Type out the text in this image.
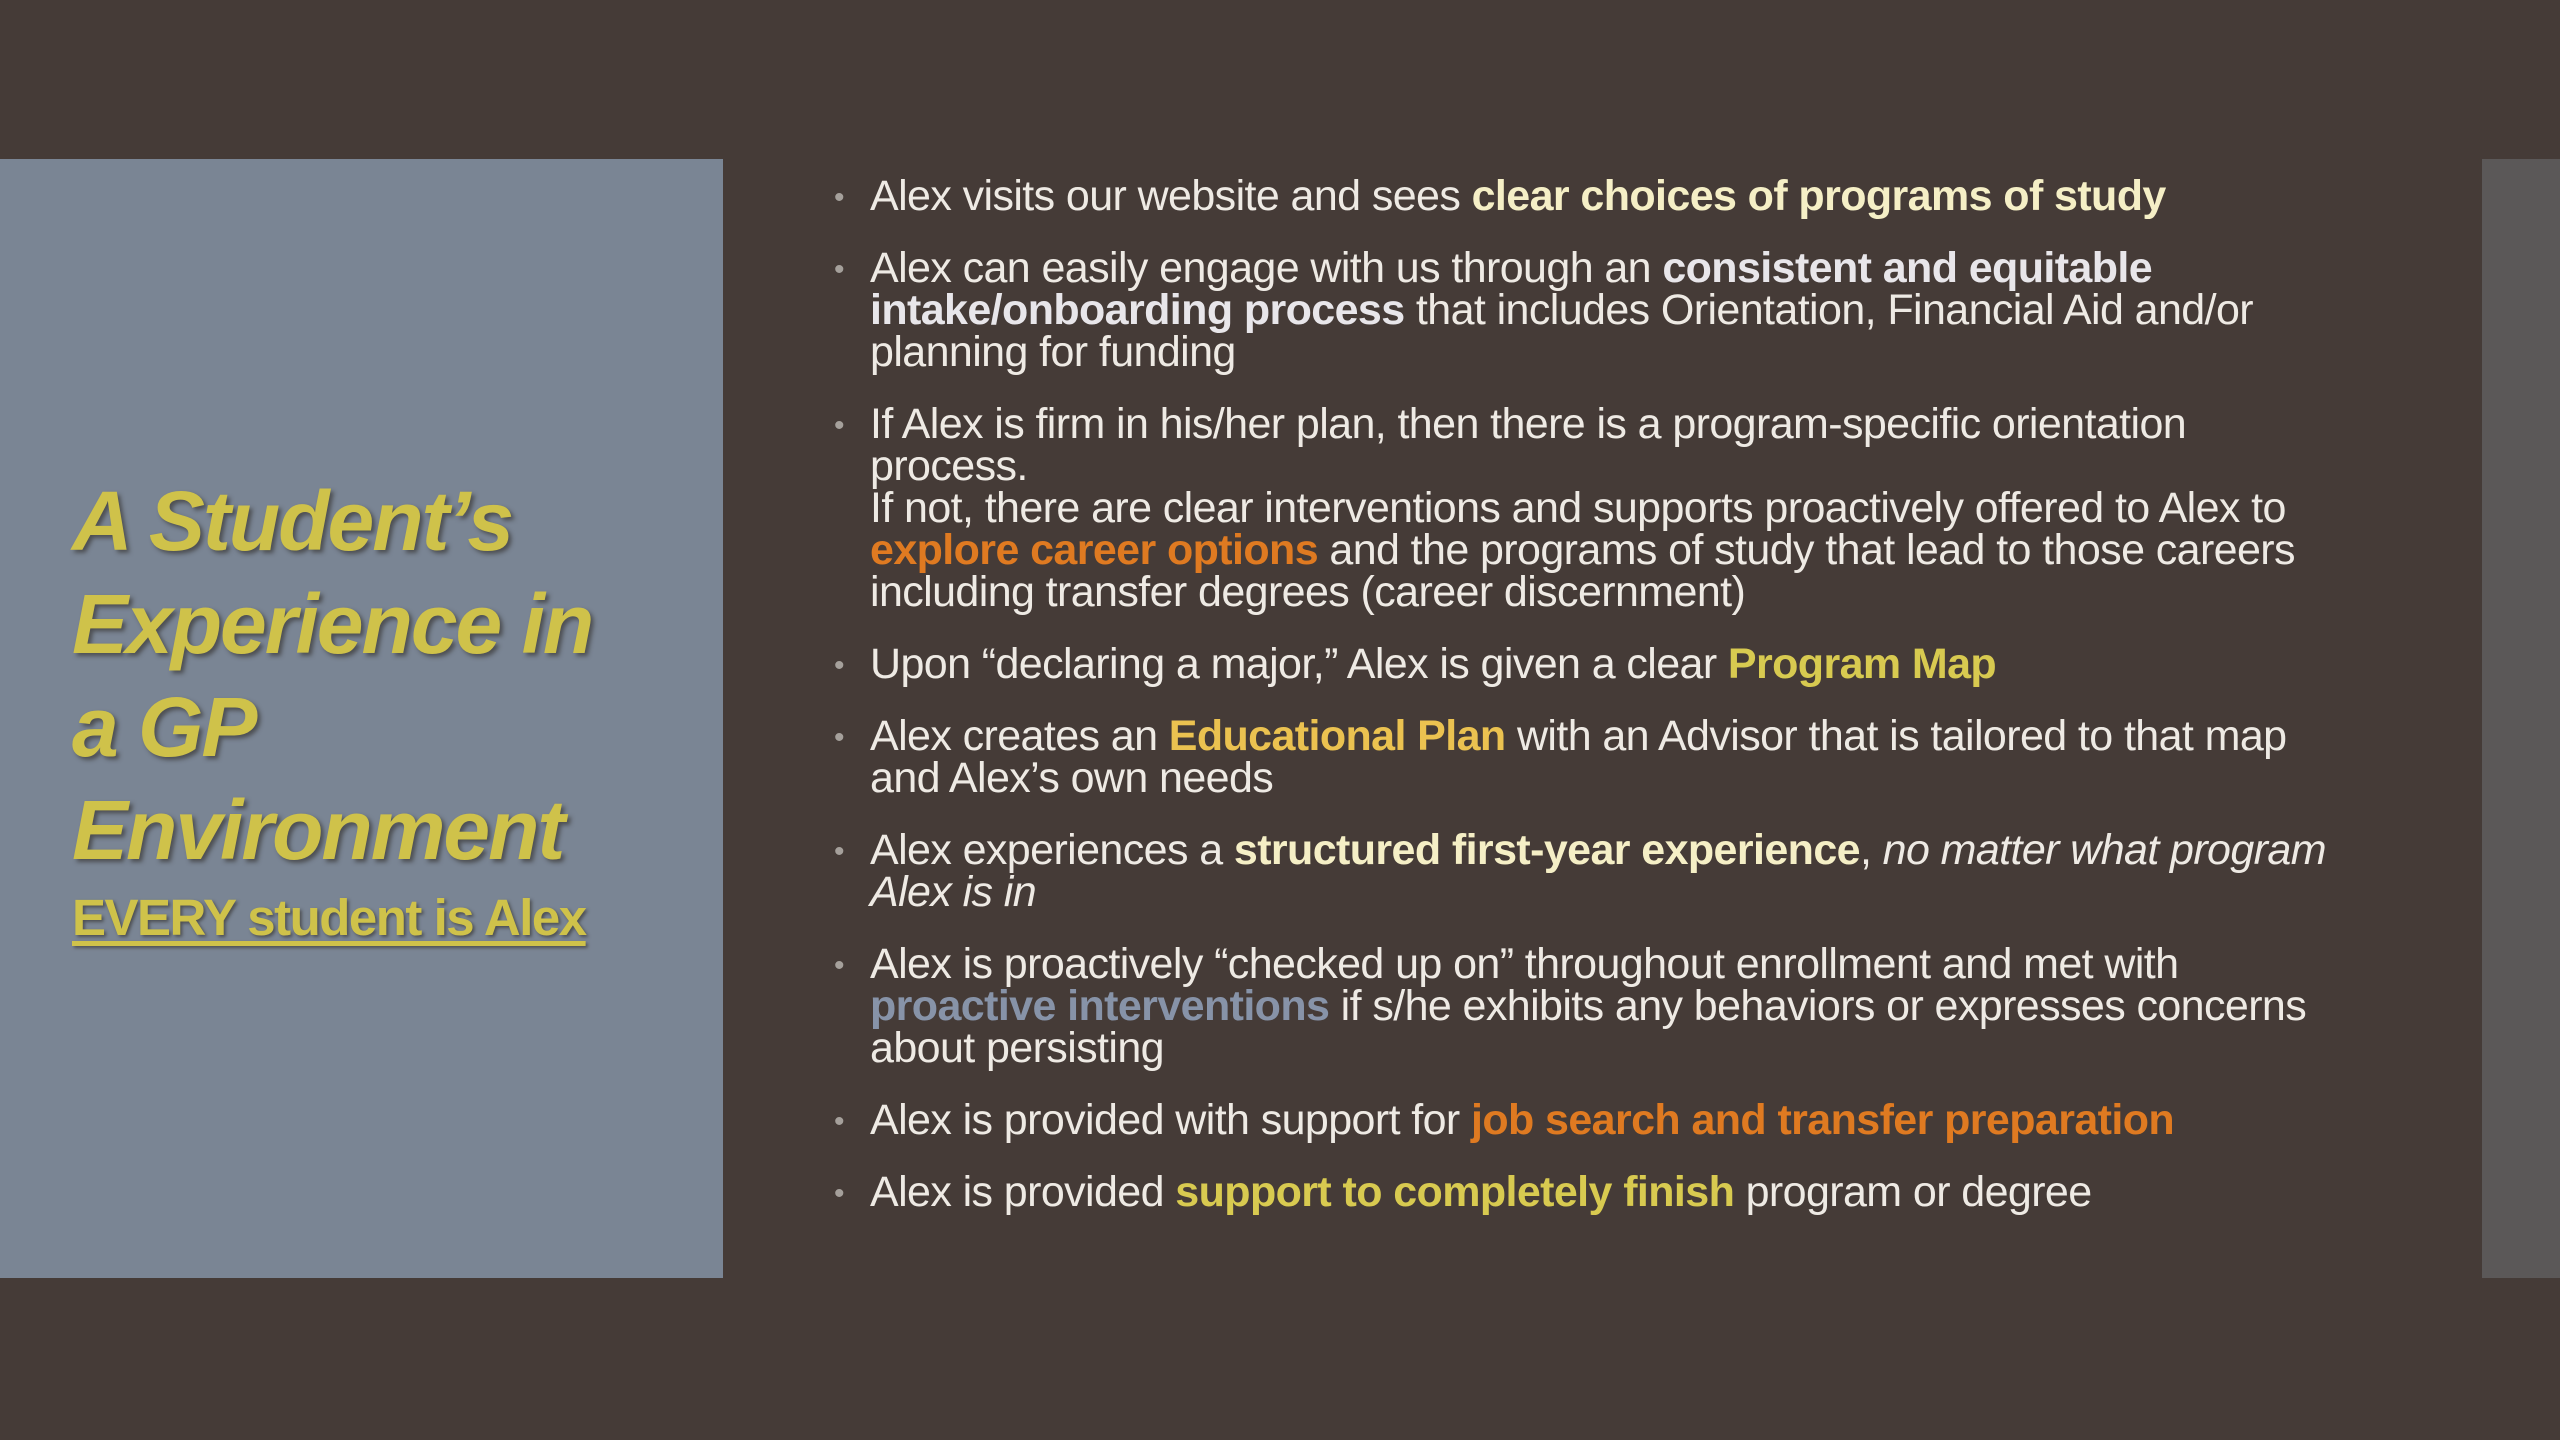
A Student’s
Experience in
a GP
Environment
EVERY student is Alex
• Alex visits our website and sees clear choices of programs of study
• Alex can easily engage with us through an consistent and equitable intake/onboarding process that includes Orientation, Financial Aid and/or planning for funding
• If Alex is firm in his/her plan, then there is a program-specific orientation process.
If not, there are clear interventions and supports proactively offered to Alex to explore career options and the programs of study that lead to those careers including transfer degrees (career discernment)
• Upon “declaring a major,” Alex is given a clear Program Map
• Alex creates an Educational Plan with an Advisor that is tailored to that map and Alex’s own needs
• Alex experiences a structured first-year experience, no matter what program Alex is in
• Alex is proactively “checked up on” throughout enrollment and met with proactive interventions if s/he exhibits any behaviors or expresses concerns about persisting
• Alex is provided with support for job search and transfer preparation
• Alex is provided support to completely finish program or degree
